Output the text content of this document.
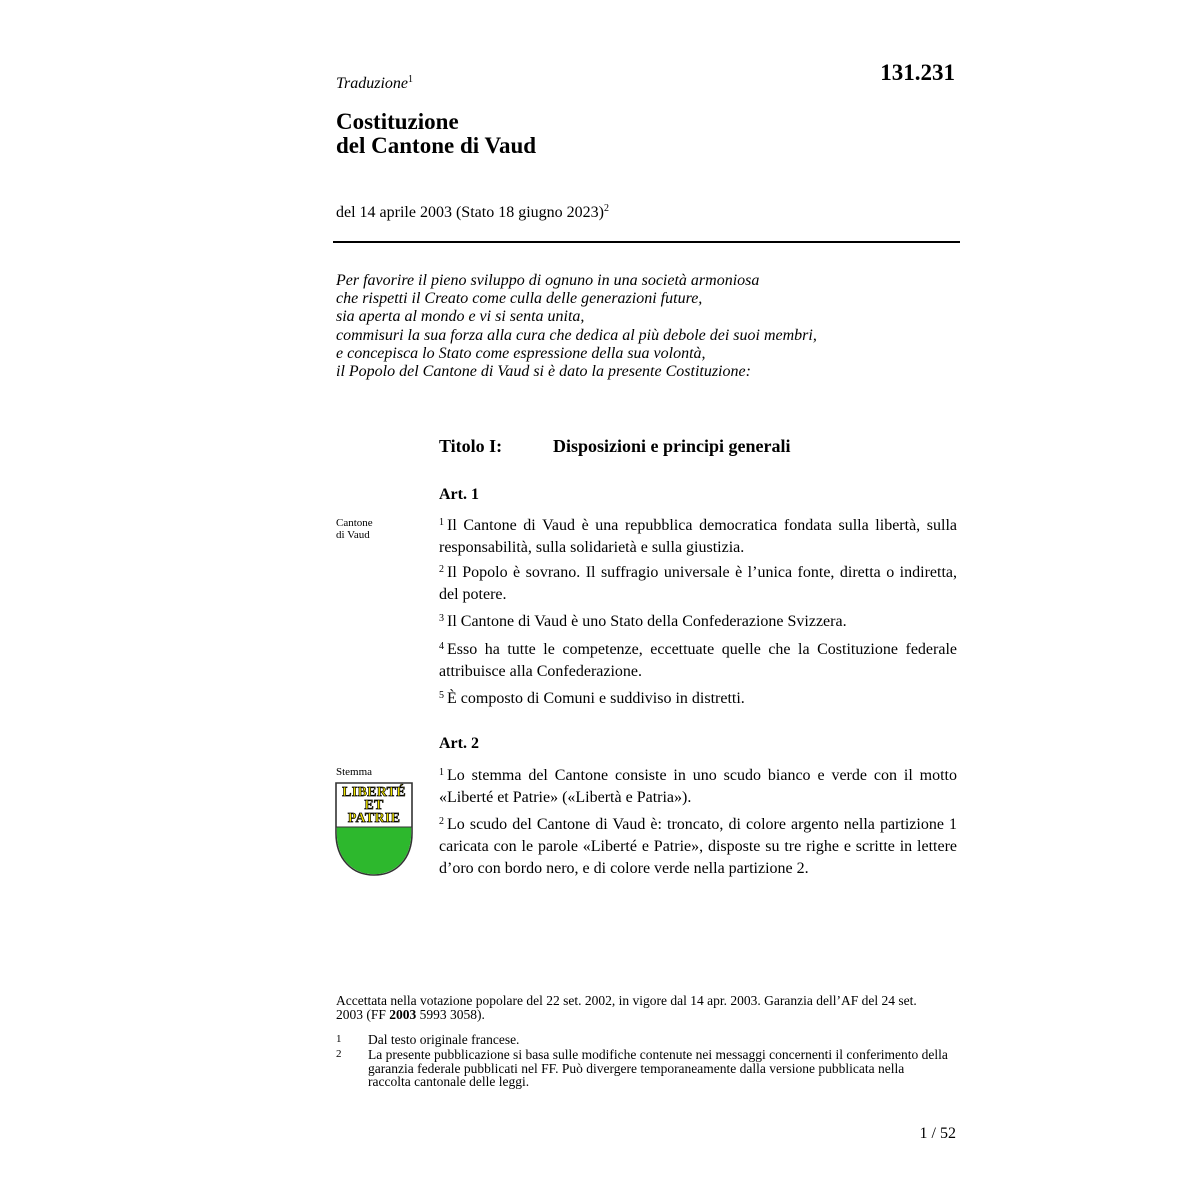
Traduzione$^1$	131.231
Costituzione
del Cantone di Vaud
del 14 aprile 2003 (Stato 18 giugno 2023)$^2$
Per favorire il pieno sviluppo di ognuno in una società armoniosa
che rispetti il Creato come culla delle generazioni future,
sia aperta al mondo e vi si senta unita,
commisuri la sua forza alla cura che dedica al più debole dei suoi membri,
e concepisca lo Stato come espressione della sua volontà,
il Popolo del Cantone di Vaud si è dato la presente Costituzione:
Titolo I:	Disposizioni e principi generali
Art. 1
Cantone
di Vaud
$^1$ Il Cantone di Vaud è una repubblica democratica fondata sulla libertà, sulla responsabilità, sulla solidarietà e sulla giustizia.
$^2$ Il Popolo è sovrano. Il suffragio universale è l’unica fonte, diretta o indiretta, del potere.
$^3$ Il Cantone di Vaud è uno Stato della Confederazione Svizzera.
$^4$ Esso ha tutte le competenze, eccettuate quelle che la Costituzione federale attribuisce alla Confederazione.
$^5$ È composto di Comuni e suddiviso in distretti.
Art. 2
Stemma
LIBERTÉ
ET
PATRIE
$^1$ Lo stemma del Cantone consiste in uno scudo bianco e verde con il motto «Liberté et Patrie» («Libertà e Patria»).
$^2$ Lo scudo del Cantone di Vaud è: troncato, di colore argento nella partizione 1 caricata con le parole «Liberté e Patrie», disposte su tre righe e scritte in lettere d’oro con bordo nero, e di colore verde nella partizione 2.
Accettata nella votazione popolare del 22 set. 2002, in vigore dal 14 apr. 2003. Garanzia dell’AF del 24 set. 2003 (FF 2003 5993 3058).
1 Dal testo originale francese.
2 La presente pubblicazione si basa sulle modifiche contenute nei messaggi concernenti il conferimento della garanzia federale pubblicati nel FF. Può divergere temporaneamente dalla versione pubblicata nella raccolta cantonale delle leggi.
1 / 52
